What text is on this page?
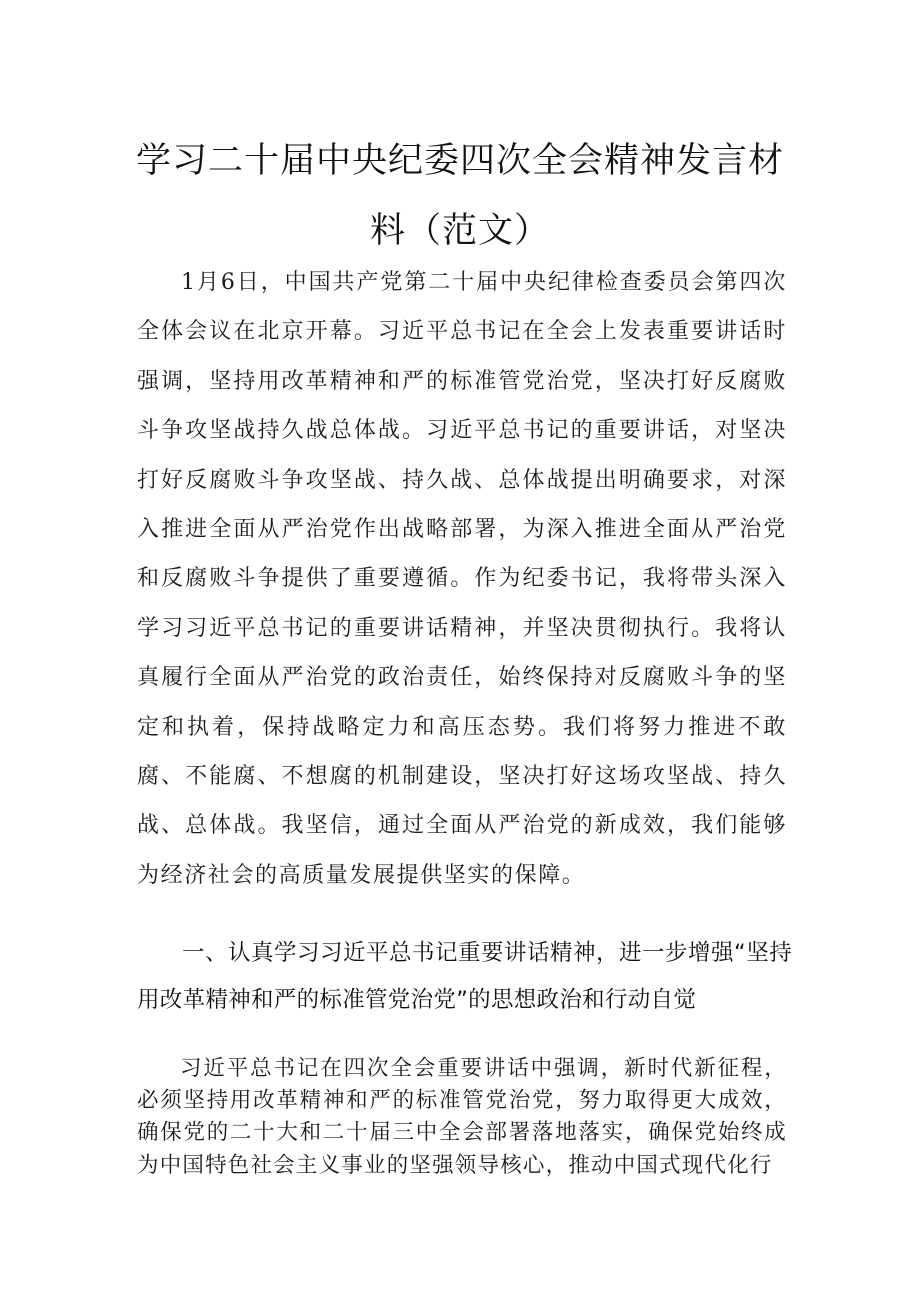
学习二十届中央纪委四次全会精神发言材
料（范文）

1月6日，中国共产党第二十届中央纪律检查委员会第四次全体会议在北京开幕。习近平总书记在全会上发表重要讲话时强调，坚持用改革精神和严的标准管党治党，坚决打好反腐败斗争攻坚战持久战总体战。习近平总书记的重要讲话，对坚决打好反腐败斗争攻坚战、持久战、总体战提出明确要求，对深入推进全面从严治党作出战略部署，为深入推进全面从严治党和反腐败斗争提供了重要遵循。作为纪委书记，我将带头深入学习习近平总书记的重要讲话精神，并坚决贯彻执行。我将认真履行全面从严治党的政治责任，始终保持对反腐败斗争的坚定和执着，保持战略定力和高压态势。我们将努力推进不敢腐、不能腐、不想腐的机制建设，坚决打好这场攻坚战、持久战、总体战。我坚信，通过全面从严治党的新成效，我们能够为经济社会的高质量发展提供坚实的保障。

一、认真学习习近平总书记重要讲话精神，进一步增强“坚持用改革精神和严的标准管党治党”的思想政治和行动自觉

习近平总书记在四次全会重要讲话中强调，新时代新征程，必须坚持用改革精神和严的标准管党治党，努力取得更大成效，确保党的二十大和二十届三中全会部署落地落实，确保党始终成为中国特色社会主义事业的坚强领导核心，推动中国式现代化行
